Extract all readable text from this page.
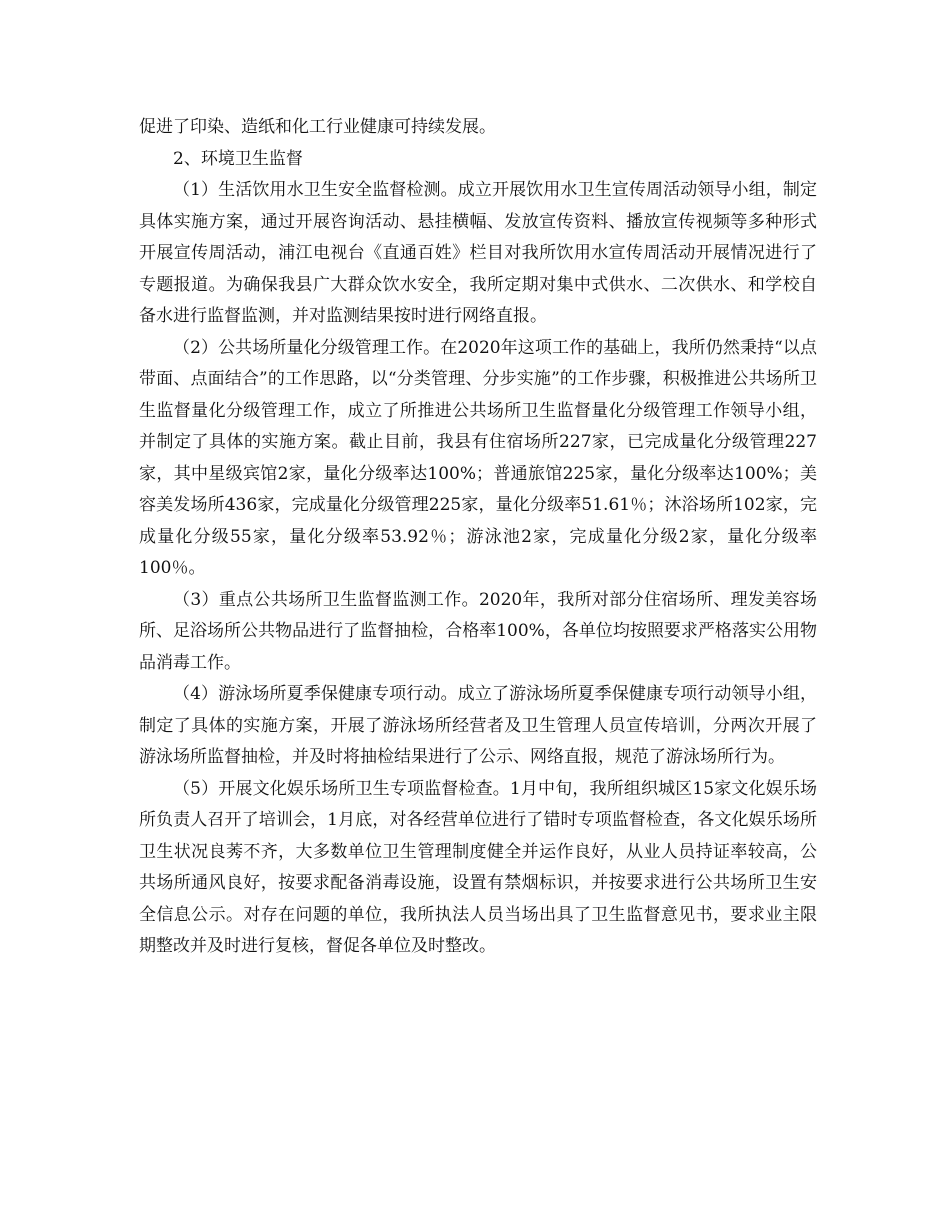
促进了印染、造纸和化工行业健康可持续发展。

2、环境卫生监督

（1）生活饮用水卫生安全监督检测。成立开展饮用水卫生宣传周活动领导小组，制定具体实施方案，通过开展咨询活动、悬挂横幅、发放宣传资料、播放宣传视频等多种形式开展宣传周活动，浦江电视台《直通百姓》栏目对我所饮用水宣传周活动开展情况进行了专题报道。为确保我县广大群众饮水安全，我所定期对集中式供水、二次供水、和学校自备水进行监督监测，并对监测结果按时进行网络直报。

（2）公共场所量化分级管理工作。在2020年这项工作的基础上，我所仍然秉持“以点带面、点面结合”的工作思路，以“分类管理、分步实施”的工作步骤，积极推进公共场所卫生监督量化分级管理工作，成立了所推进公共场所卫生监督量化分级管理工作领导小组，并制定了具体的实施方案。截止目前，我县有住宿场所227家，已完成量化分级管理227家，其中星级宾馆2家，量化分级率达100%；普通旅馆225家，量化分级率达100%；美容美发场所436家，完成量化分级管理225家，量化分级率51.61％；沐浴场所102家，完成量化分级55家，量化分级率53.92％；游泳池2家，完成量化分级2家，量化分级率100％。

（3）重点公共场所卫生监督监测工作。2020年，我所对部分住宿场所、理发美容场所、足浴场所公共物品进行了监督抽检，合格率100%，各单位均按照要求严格落实公用物品消毒工作。

（4）游泳场所夏季保健康专项行动。成立了游泳场所夏季保健康专项行动领导小组，制定了具体的实施方案，开展了游泳场所经营者及卫生管理人员宣传培训，分两次开展了游泳场所监督抽检，并及时将抽检结果进行了公示、网络直报，规范了游泳场所行为。

（5）开展文化娱乐场所卫生专项监督检查。1月中旬，我所组织城区15家文化娱乐场所负责人召开了培训会，1月底，对各经营单位进行了错时专项监督检查，各文化娱乐场所卫生状况良莠不齐，大多数单位卫生管理制度健全并运作良好，从业人员持证率较高，公共场所通风良好，按要求配备消毒设施，设置有禁烟标识，并按要求进行公共场所卫生安全信息公示。对存在问题的单位，我所执法人员当场出具了卫生监督意见书，要求业主限期整改并及时进行复核，督促各单位及时整改。
